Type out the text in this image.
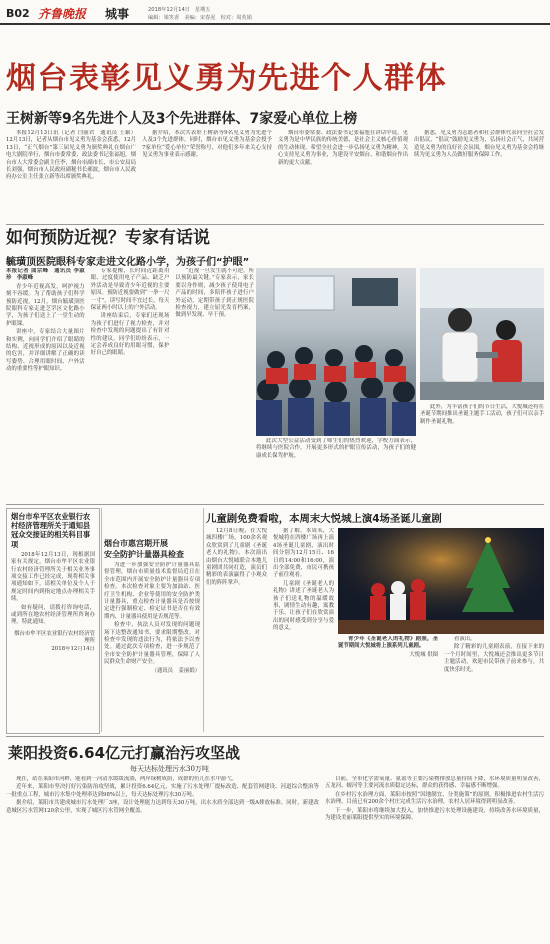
B02 齐鲁晚报 城事	2018年12月14日 星期五
编辑：梁笑香　美编：宋春泥　校对：周英娟
烟台表彰见义勇为先进个人群体
王树新等9名先进个人及3个先进群体、7家爱心单位上榜

本报12月13日讯（记者 闫丽君　通讯员 王颖）12月13日，记者从烟台市见义勇为基金会获悉，12月13日，“正气烟台”第三届见义勇为颁奖典礼在烟台广电大剧院举行，烟台市委常委、政法委书记张福旭，烟台市人大常委会副主任李，烟台市副市长、市公安局局长刘强，烟台市人民政府副秘书长郝波，烟台市人民政府办公室主任张立新等出席颁奖典礼。

据介绍，本次共表彰王树新等9名见义勇为先进个人及3个先进群体。同时，烟台市见义勇为基金会授予7家单位“爱心单位”荣誉称号，对他们多年来关心支持见义勇为事业表示感谢。

烟台市委常委、政法委书记张福旭在讲话中说，见义勇为是中华民族的传统美德，是社会主义核心价值观的生动体现。希望全社会进一步弘扬见义勇为精神，关心支持见义勇为事业，为建设平安烟台、和谐烟台作出新的更大贡献。

据悉，见义勇为志愿者和社会群体代表向全社会发出倡议，“倡议”鼓励见义勇为，弘扬社会正气，共同营造见义勇为的良好社会氛围，烟台见义勇为基金会将继续为见义勇为人员做好服务保障工作。

如何预防近视？专家有话说
毓璜顶医院眼科专家走进文化路小学，为孩子们“护眼”

本报记者 曲宗峰　通讯员 李淑珍　李淑峰

青少年近视高发，呵护视力刻不容缓。为了帮助孩子们科学预防近视，12月，烟台毓璜顶医院眼科专家走进芝罘区文化路小学，为孩子们送上了一堂生动的护眼课。

讲座中，专家结合大量图片和实例，向同学们介绍了眼睛的结构、近视形成的原因以及近视的危害，并详细讲解了正确的读写姿势、合理用眼时间、户外活动的重要性等护眼知识。

专家提醒，长时间近距离用眼、过度使用电子产品、缺乏户外活动是导致青少年近视的主要原因。预防近视要做到“一拳一尺一寸”，读写时间不宜过长，每天保证两小时以上的户外活动。

讲座结束后，专家们还现场为孩子们进行了视力检查，并对检查中发现的问题提出了有针对性的建议。同学们纷纷表示，一定会养成良好的用眼习惯，保护好自己的眼睛。

“近视一旦发生就不可逆，所以预防最关键。”专家表示，家长要以身作则，减少孩子使用电子产品的时间，多陪伴孩子进行户外运动，定期带孩子到正规医院检查视力，建立屈光发育档案，做到早发现、早干预。

此次大型公益活动受到了师生们的热烈欢迎，学校方面表示，将继续与医院合作，开展更多形式的护眼宣传活动，为孩子们的健康成长保驾护航。

此外，为丰富孩子们的节日生活，大悦城还将在圣诞节期间推出圣诞主题手工活动，孩子们可以亲手制作圣诞礼物。

烟台市牟平区农业银行农村经济管理所关于通知县冠众交接证的相关科目事项

2018年12月13日，现根据国家有关规定，烟台市牟平区农业银行农村经济管理所关于相关业务事项交接工作已经完成，现将相关事项通知如下，请相关单位及个人于规定时间内到指定地点办理相关手续。

如有疑问，请拨打咨询电话，或到所在地农村经济管理所咨询办理。特此通知。

烟台市牟平区农业银行农村经济管理所
2018年12月14日
烟台市惠宫期开展
安全防护计量器具检查

为进一步加强安全防护计量器具监督管理，烟台市质量技术监督局近日在全市范围内开展安全防护计量器具专项检查。本次检查对象主要为加油站、医疗卫生机构、企业等使用的安全防护类计量器具，重点检查计量器具是否按规定进行强制检定、检定证书是否在有效期内、计量器具使用是否规范等。

检查中，执法人员对发现的问题现场下达整改通知书，要求限期整改。对检查中发现的违法行为，将依法予以查处。通过此次专项检查，进一步规范了全市安全防护计量器具管理，保障了人民群众生命财产安全。

（通讯员　姜丽娟）

儿童剧免费看啦，本周末大悦城上演4场圣诞儿童剧

12月8日晚，在大悦城四楼广场，100余名观众欣赏到了儿童剧《圣诞老人的礼物》。本次演出由烟台大悦城联合本地儿童剧团共同打造，演员们精彩的表演赢得了小观众们的阵阵掌声。

据了解，本周末，大悦城将在四楼广场再上演4场圣诞儿童剧，演出时间分别为12月15日、16日的14:00和16:00，演出全部免费，市民可携孩子前往观看。

儿童剧《圣诞老人的礼物》讲述了圣诞老人为孩子们送礼物的温暖故事，剧情生动有趣，寓教于乐，让孩子们在欣赏演出的同时感受到分享与爱的意义。

青少年《圣诞老人的礼物》剧照，圣诞节期间大悦城将上演系列儿童剧。

大悦城 供图

看演出。

除了精彩的儿童剧表演，在接下来的一个月时间里，大悦城还会推出更多节日主题活动，欢迎市民带孩子前来参与，共度快乐时光。

莱阳投资6.64亿元打赢治污攻坚战
每天达标处理污水30万吨

现在，站在莱阳市河畔，能看到一河清水缓缓流淌，两岸绿树成荫，成群的鱼儿在水中游弋。

近年来，莱阳市坚决打好污染防治攻坚战，累计投资6.64亿元，实施了污水处理厂提标改造、配套管网建设、河道综合整治等一批重点工程，城市污水集中处理率达到98%以上，每天达标处理污水30万吨。

据介绍，莱阳市共建成城市污水处理厂3座，设计处理能力达到每天30万吨，出水水质全部达到一级A排放标准。同时，新建改造城区污水管网120余公里，实现了城区污水管网全覆盖。

目前，全市化学需氧量、氨氮等主要污染物排放总量持续下降，水环境质量明显改善，五龙河、蚬河等主要河流水质稳定达标，群众的获得感、幸福感不断增强。

在乡村污水治理方面，莱阳市按照“因地制宜、分类施策”的原则，积极推进农村生活污水治理，目前已有200余个村庄完成生活污水治理，农村人居环境得到明显改善。

下一步，莱阳市将继续加大投入，加快推进污水处理设施建设，持续改善水环境质量，为建设美丽莱阳提供坚实的环境保障。
